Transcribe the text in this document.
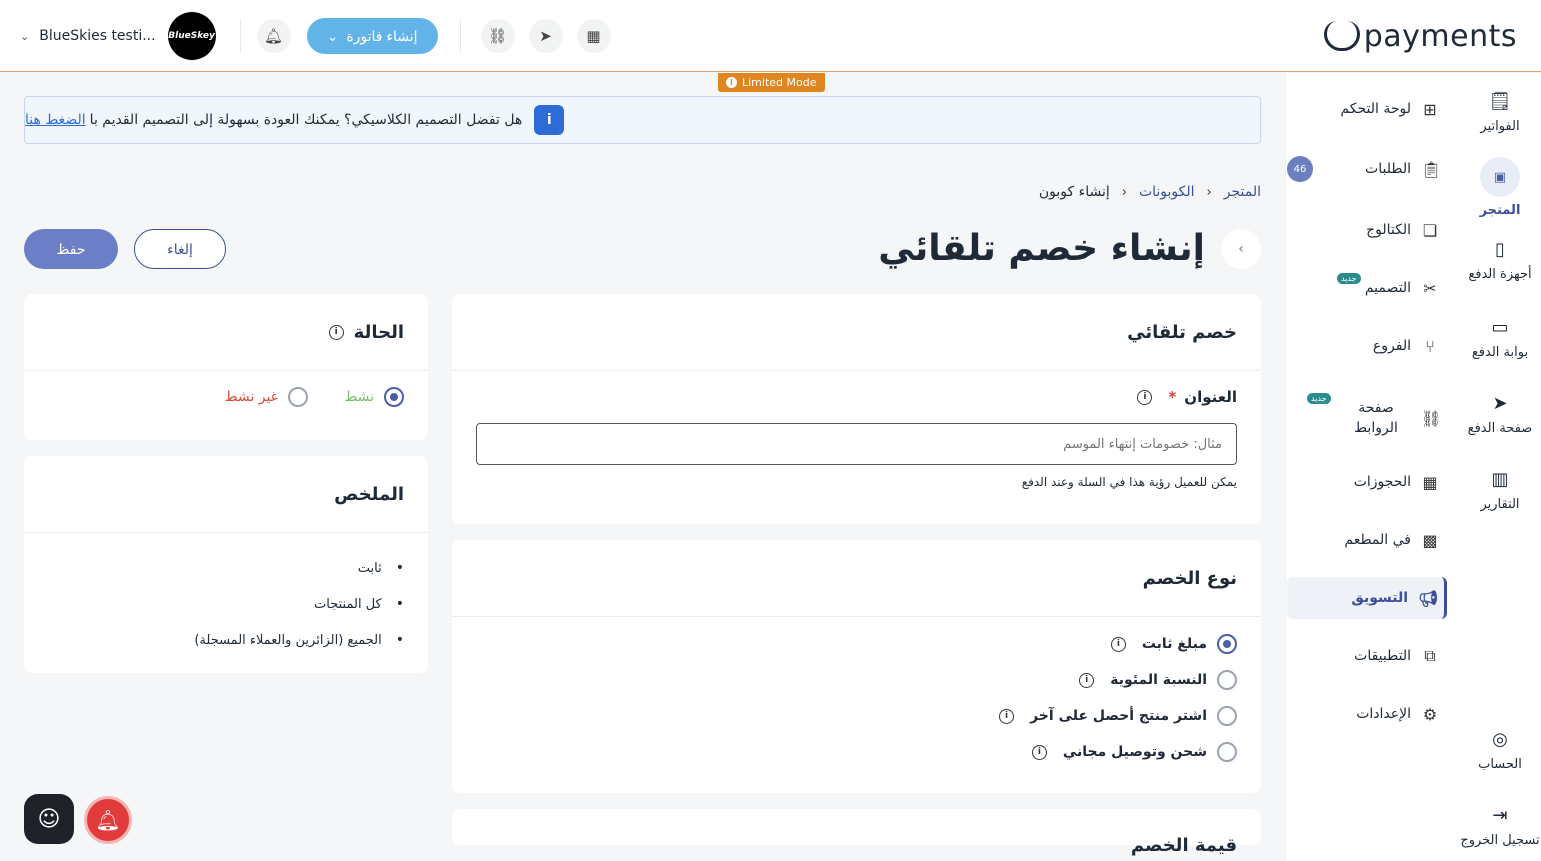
payments
⌄ BlueSkies testi... BlueSkey	🔔︎	⌄ إنشاء فاتورة	⛓ ➤ ▦
i Limited Mode
🗒
الفواتير
▣
المتجر
▯
أجهزة الدفع
▭
بوابة الدفع
➤
صفحة الدفع
▥
التقارير
◎
الحساب
⇥
تسجيل الخروج
لوحة التحكم ⊞
46	الطلبات 📋︎
الكتالوج ❏
جديد
التصميم ✂
الفروع ⑂
جديد
صفحة الروابط
⛓
الحجوزات ▦
في المطعم ▩
التسويق 📢︎
التطبيقات ⧉
الإعدادات ⚙
i
هل تفضل التصميم الكلاسيكي؟ يمكنك العودة بسهولة إلى التصميم القديم با
الضغط هنا
المتجر
‹
الكوبونات
‹
إنشاء كوبون
›
إنشاء خصم تلقائي
حفظ	إلغاء
خصم تلقائي
العنوان
*
i
مثال: خصومات إنتهاء الموسم
يمكن للعميل رؤية هذا في السلة وعند الدفع
نوع الخصم
مبلغ ثابت
i
النسبة المئوية
i
اشتر منتج أحصل على آخر
i
شحن وتوصيل مجاني
i
قيمة الخصم
الحالة
i
نشط
غير نشط
الملخص
• ثابت
• كل المنتجات
• الجميع (الزائرين والعملاء المسجلة)
☺ 🔔︎
